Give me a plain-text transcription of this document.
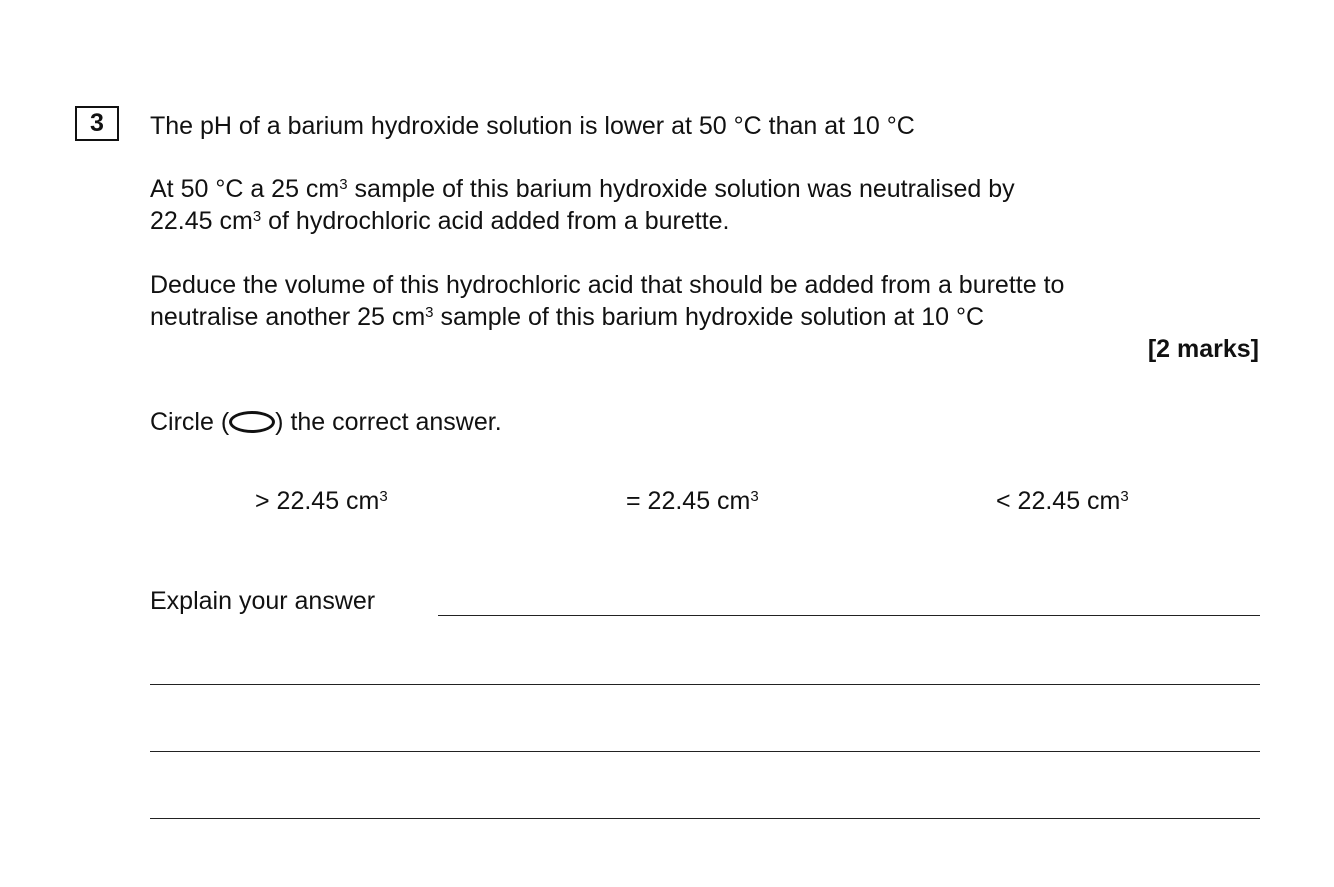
3	The pH of a barium hydroxide solution is lower at 50 °C than at 10 °C
At 50 °C a 25 $cm^3$ sample of this barium hydroxide solution was neutralised by
22.45 $cm^3$ of hydrochloric acid added from a burette.
Deduce the volume of this hydrochloric acid that should be added from a burette to
neutralise another 25 $cm^3$ sample of this barium hydroxide solution at 10 °C
[2 marks]
Circle ( ) the correct answer.
> 22.45 $cm^3$	= 22.45 $cm^3$	< 22.45 $cm^3$
Explain your answer
